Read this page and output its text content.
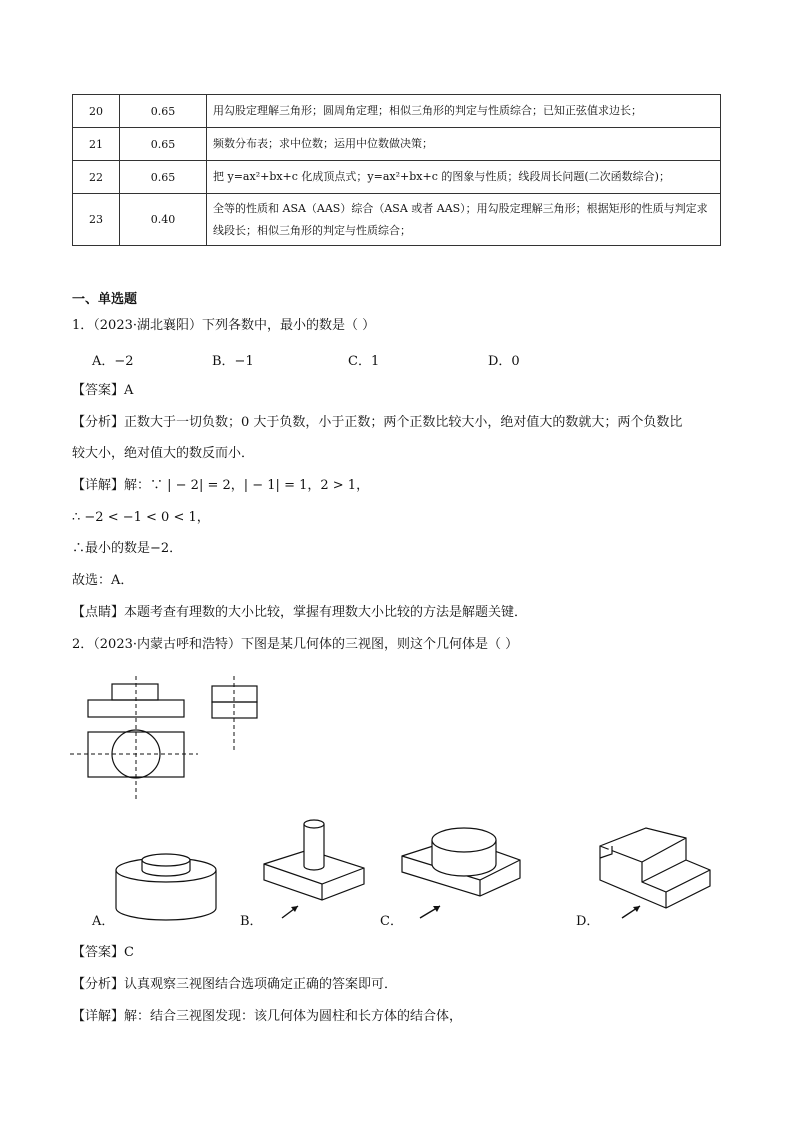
20	0.65	用勾股定理解三角形；圆周角定理；相似三角形的判定与性质综合；已知正弦值求边长；
21	0.65	频数分布表；求中位数；运用中位数做决策；
22	0.65	把 y=ax²+bx+c 化成顶点式；y=ax²+bx+c 的图象与性质；线段周长问题(二次函数综合)；
23	0.40	全等的性质和 ASA（AAS）综合（ASA 或者 AAS）；用勾股定理解三角形；根据矩形的性质与判定求线段长；相似三角形的判定与性质综合；
一、单选题
1．（2023·湖北襄阳）下列各数中，最小的数是（ ）
A．−2	B．−1	C．1	D．0
【答案】A
【分析】正数大于一切负数；0 大于负数，小于正数；两个正数比较大小，绝对值大的数就大；两个负数比
较大小，绝对值大的数反而小．
【详解】解：∵ | − 2| = 2，| − 1| = 1，2 > 1，
∴ −2 < −1 < 0 < 1，
∴最小的数是−2．
故选：A．
【点睛】本题考查有理数的大小比较，掌握有理数大小比较的方法是解题关键．
2．（2023·内蒙古呼和浩特）下图是某几何体的三视图，则这个几何体是（ ）
A．	B．	C．	D．
【答案】C
【分析】认真观察三视图结合选项确定正确的答案即可．
【详解】解：结合三视图发现：该几何体为圆柱和长方体的结合体，
